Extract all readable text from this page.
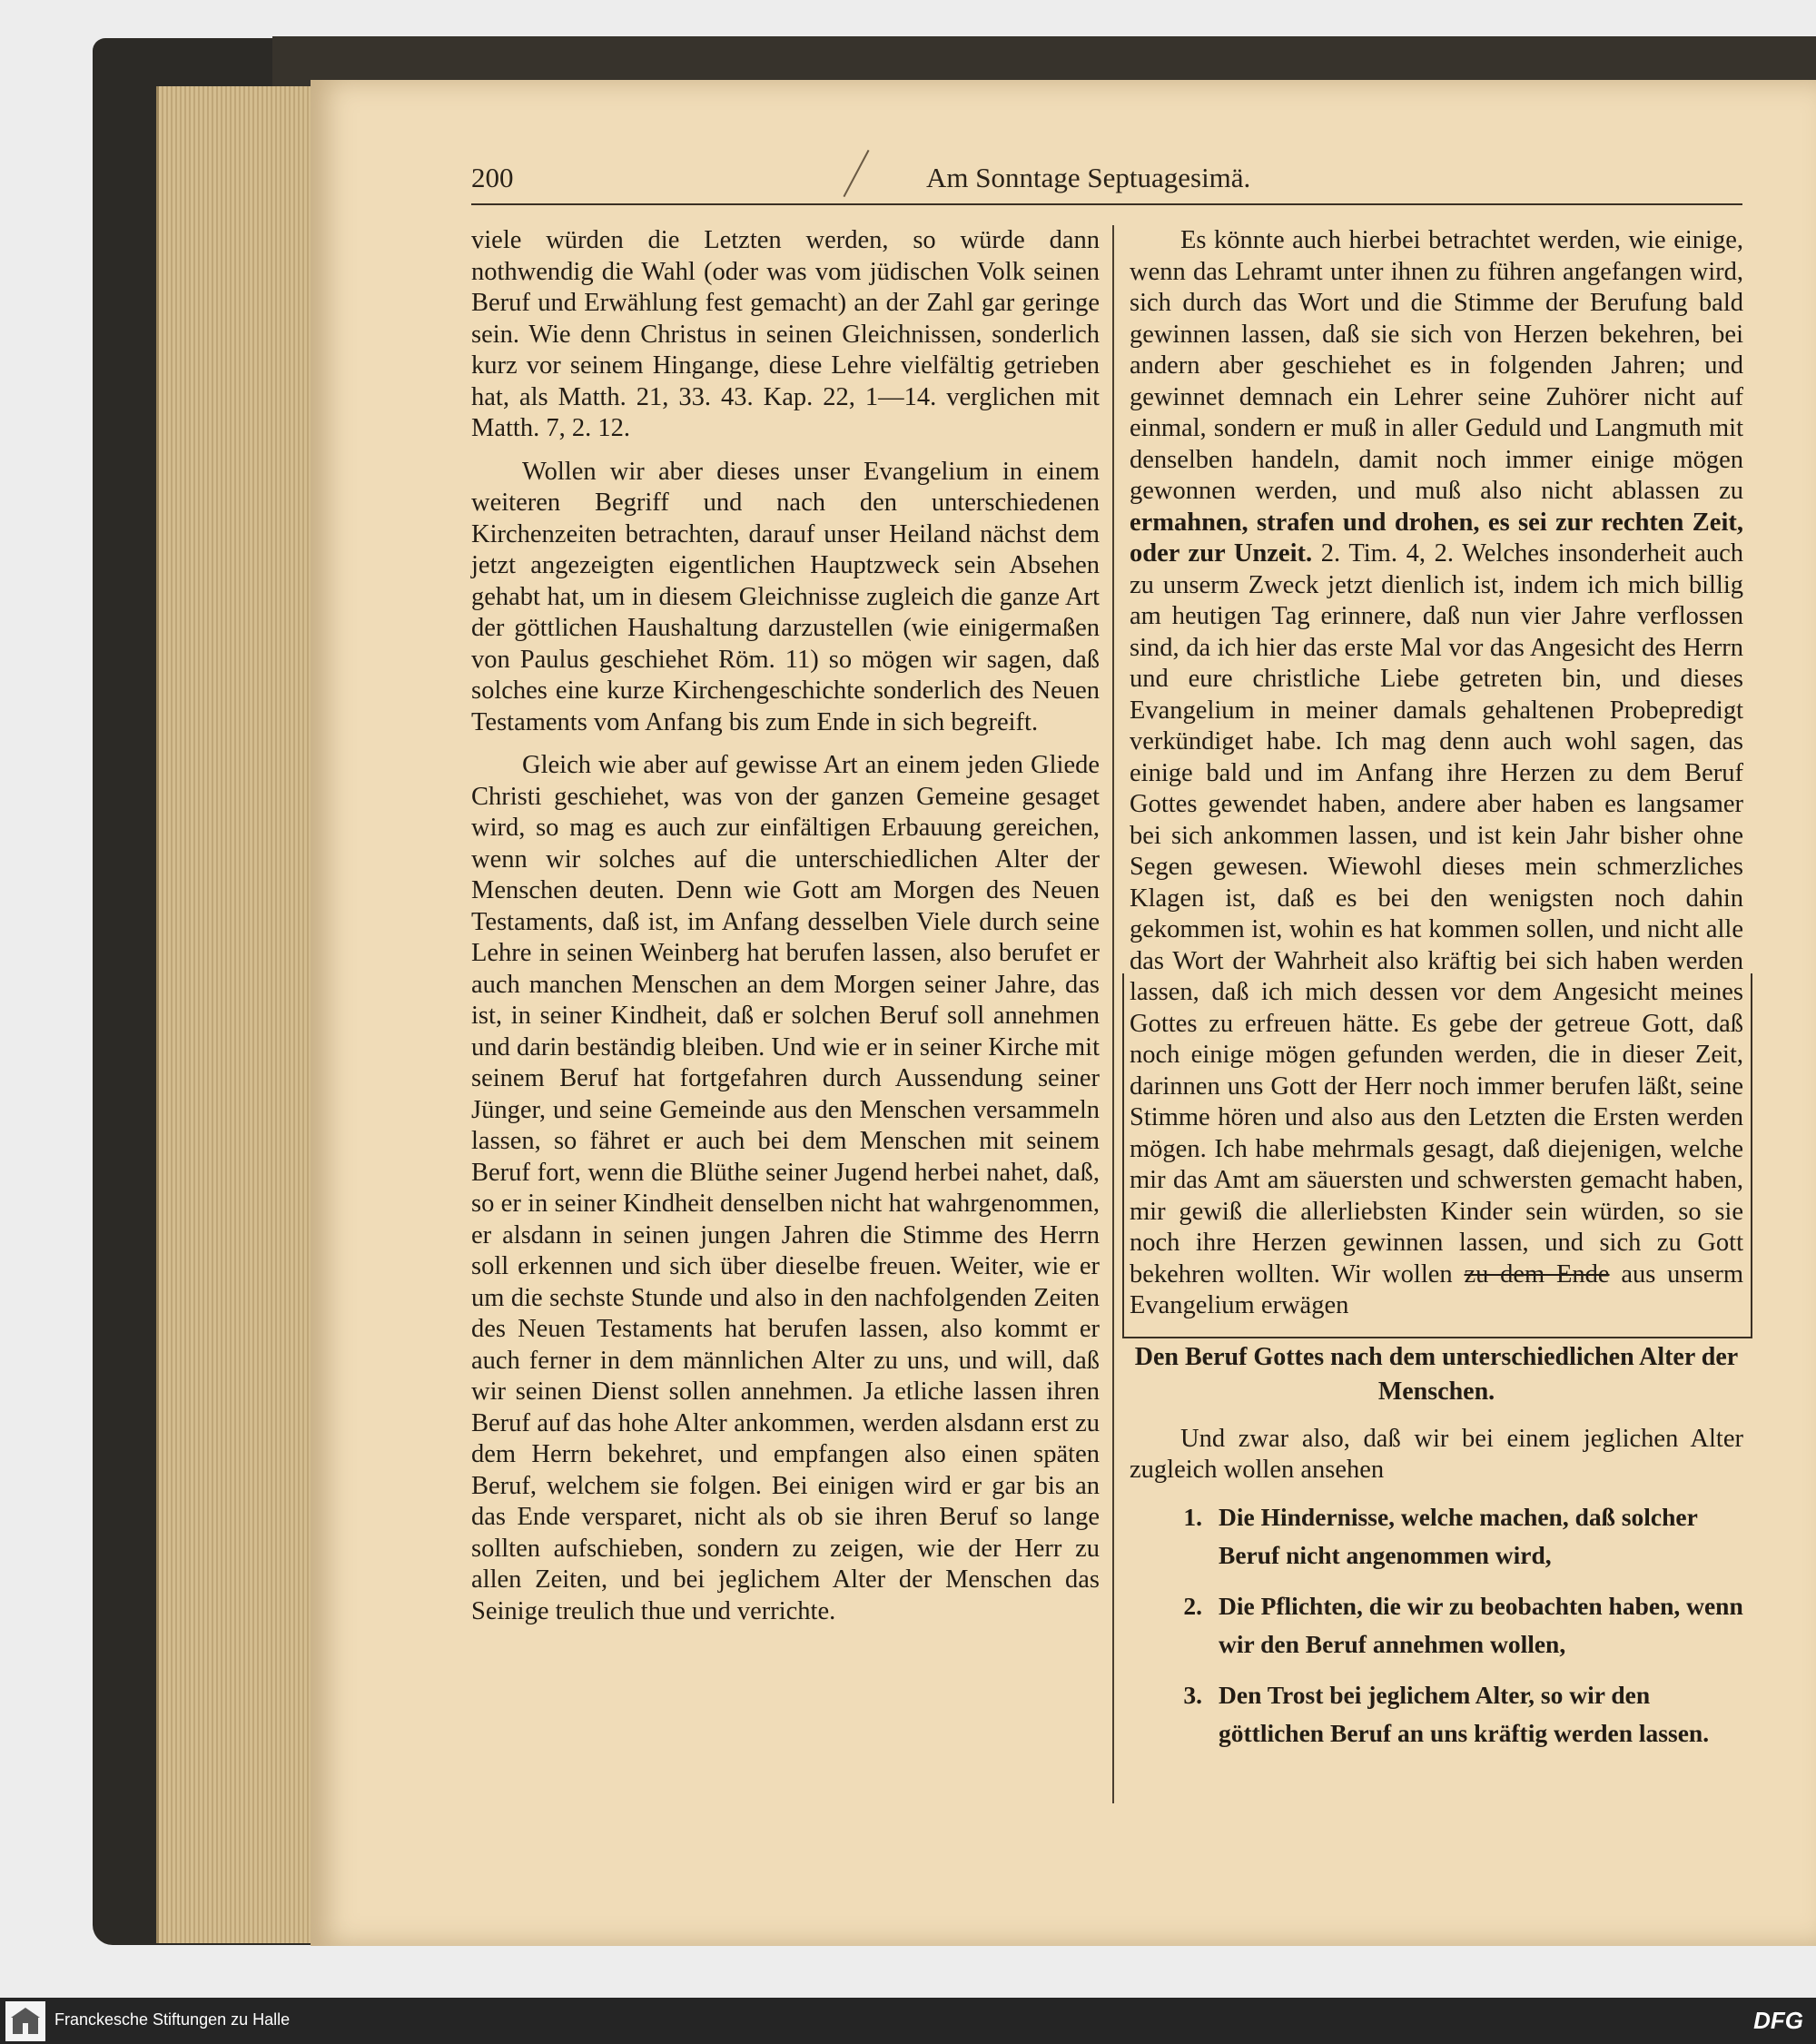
200	Am Sonntage Septuagesimä.

viele würden die Letzten werden, so würde dann nothwendig die Wahl (oder was vom jüdischen Volk seinen Beruf und Erwählung fest gemacht) an der Zahl gar geringe sein. Wie denn Christus in seinen Gleichnissen, sonderlich kurz vor seinem Hingange, diese Lehre vielfältig getrieben hat, als Matth. 21, 33. 43. Kap. 22, 1—14. verglichen mit Matth. 7, 2. 12.

Wollen wir aber dieses unser Evangelium in einem weiteren Begriff und nach den unterschiedenen Kirchenzeiten betrachten, darauf unser Heiland nächst dem jetzt angezeigten eigentlichen Hauptzweck sein Absehen gehabt hat, um in diesem Gleichnisse zugleich die ganze Art der göttlichen Haushaltung darzustellen (wie einigermaßen von Paulus geschiehet Röm. 11) so mögen wir sagen, daß solches eine kurze Kirchengeschichte sonderlich des Neuen Testaments vom Anfang bis zum Ende in sich begreift.

Gleich wie aber auf gewisse Art an einem jeden Gliede Christi geschiehet, was von der ganzen Gemeine gesaget wird, so mag es auch zur einfältigen Erbauung gereichen, wenn wir solches auf die unterschiedlichen Alter der Menschen deuten. Denn wie Gott am Morgen des Neuen Testaments, daß ist, im Anfang desselben Viele durch seine Lehre in seinen Weinberg hat berufen lassen, also berufet er auch manchen Menschen an dem Morgen seiner Jahre, das ist, in seiner Kindheit, daß er solchen Beruf soll annehmen und darin beständig bleiben. Und wie er in seiner Kirche mit seinem Beruf hat fortgefahren durch Aussendung seiner Jünger, und seine Gemeinde aus den Menschen versammeln lassen, so fähret er auch bei dem Menschen mit seinem Beruf fort, wenn die Blüthe seiner Jugend herbei nahet, daß, so er in seiner Kindheit denselben nicht hat wahrgenommen, er alsdann in seinen jungen Jahren die Stimme des Herrn soll erkennen und sich über dieselbe freuen. Weiter, wie er um die sechste Stunde und also in den nachfolgenden Zeiten des Neuen Testaments hat berufen lassen, also kommt er auch ferner in dem männlichen Alter zu uns, und will, daß wir seinen Dienst sollen annehmen. Ja etliche lassen ihren Beruf auf das hohe Alter ankommen, werden alsdann erst zu dem Herrn bekehret, und empfangen also einen späten Beruf, welchem sie folgen. Bei einigen wird er gar bis an das Ende versparet, nicht als ob sie ihren Beruf so lange sollten aufschieben, sondern zu zeigen, wie der Herr zu allen Zeiten, und bei jeglichem Alter der Menschen das Seinige treulich thue und verrichte.

Es könnte auch hierbei betrachtet werden, wie einige, wenn das Lehramt unter ihnen zu führen angefangen wird, sich durch das Wort und die Stimme der Berufung bald gewinnen lassen, daß sie sich von Herzen bekehren, bei andern aber geschiehet es in folgenden Jahren; und gewinnet demnach ein Lehrer seine Zuhörer nicht auf einmal, sondern er muß in aller Geduld und Langmuth mit denselben handeln, damit noch immer einige mögen gewonnen werden, und muß also nicht ablassen zu ermahnen, strafen und drohen, es sei zur rechten Zeit, oder zur Unzeit. 2. Tim. 4, 2. Welches insonderheit auch zu unserm Zweck jetzt dienlich ist, indem ich mich billig am heutigen Tag erinnere, daß nun vier Jahre verflossen sind, da ich hier das erste Mal vor das Angesicht des Herrn und eure christliche Liebe getreten bin, und dieses Evangelium in meiner damals gehaltenen Probepredigt verkündiget habe. Ich mag denn auch wohl sagen, das einige bald und im Anfang ihre Herzen zu dem Beruf Gottes gewendet haben, andere aber haben es langsamer bei sich ankommen lassen, und ist kein Jahr bisher ohne Segen gewesen. Wiewohl dieses mein schmerzliches Klagen ist, daß es bei den wenigsten noch dahin gekommen ist, wohin es hat kommen sollen, und nicht alle das Wort der Wahrheit also kräftig bei sich haben werden lassen, daß ich mich dessen vor dem Angesicht meines Gottes zu erfreuen hätte. Es gebe der getreue Gott, daß noch einige mögen gefunden werden, die in dieser Zeit, darinnen uns Gott der Herr noch immer berufen läßt, seine Stimme hören und also aus den Letzten die Ersten werden mögen. Ich habe mehrmals gesagt, daß diejenigen, welche mir das Amt am säuersten und schwersten gemacht haben, mir gewiß die allerliebsten Kinder sein würden, so sie noch ihre Herzen gewinnen lassen, und sich zu Gott bekehren wollten. Wir wollen zu dem Ende aus unserm Evangelium erwägen

Den Beruf Gottes nach dem unterschiedlichen Alter der Menschen.

Und zwar also, daß wir bei einem jeglichen Alter zugleich wollen ansehen

1. Die Hindernisse, welche machen, daß solcher Beruf nicht angenommen wird,
2. Die Pflichten, die wir zu beobachten haben, wenn wir den Beruf annehmen wollen,
3. Den Trost bei jeglichem Alter, so wir den göttlichen Beruf an uns kräftig werden lassen.
Franckesche Stiftungen zu Halle	DFG
